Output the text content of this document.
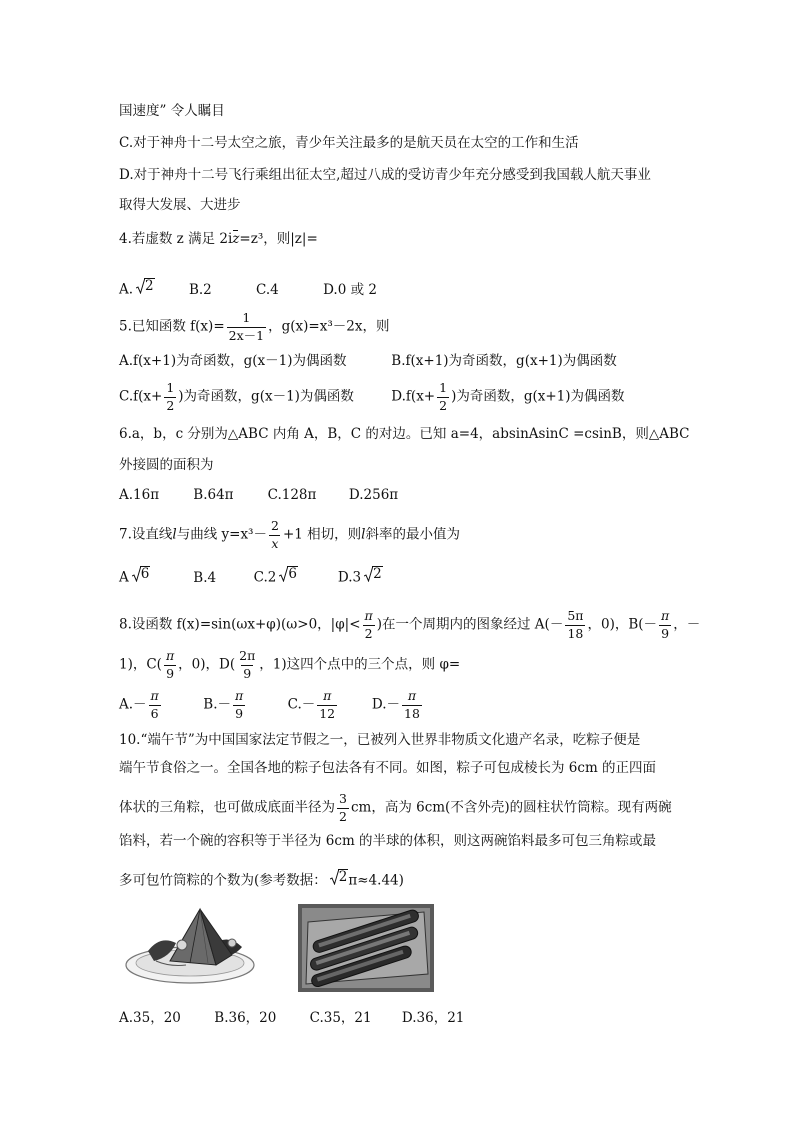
国速度” 令人瞩目
C.对于神舟十二号太空之旅，青少年关注最多的是航天员在太空的工作和生活
D.对于神舟十二号飞行乘组出征太空,超过八成的受访青少年充分感受到我国载人航天事业
取得大发展、大进步
4.若虚数 z 满足 2iz=z³，则|z|=
A. 2	B.2	C.4	D.0 或 2
5.已知函数 $f(x)= \frac{1}{2x-1}$ ，g(x)=x³－2x，则
A.f(x+1)为奇函数，g(x－1)为偶函数	B.f(x+1)为奇函数，g(x+1)为偶函数
$C.f(x+ \frac{1}{2}$ )为奇函数，g(x－1)为偶函数	$D.f(x+ \frac{1}{2}$ )为奇函数，g(x+1)为偶函数
6.a，b，c 分别为△ABC 内角 A，B，C 的对边。已知 a=4，absinAsinC =csinB，则△ABC
外接圆的面积为
A.16π	B.64π	C.128π D.256π
7.设直线l与曲线 $y=x^3- \frac{2}{x} +1$ 相切，则l斜率的最小值为
A 6	B.4	C.2 6	D.3 2
8.设函数 f(x)=sin(ωx+φ)(ω>0，$|\varphi|< \frac{\pi}{2}$ )在一个周期内的图象经过 $A(- \frac{5\pi}{18}$ ，0)，$B(- \frac{\pi}{9}$ ，－
1)，$C( \frac{\pi}{9}$ ，0)，$D( \frac{2\pi}{9}$ ，1)这四个点中的三个点，则 φ=
$A.- \frac{\pi}{6}$	$B.- \frac{\pi}{9}$	$C.- \frac{\pi}{12}$	$D.- \frac{\pi}{18}$
10.“端午节”为中国国家法定节假之一，已被列入世界非物质文化遗产名录，吃粽子便是
端午节食俗之一。全国各地的粽子包法各有不同。如图，粽子可包成棱长为 6cm 的正四面
体状的三角粽，也可做成底面半径为 $\frac{3}{2}$ cm，高为 6cm(不含外壳)的圆柱状竹筒粽。现有两碗
馅料，若一个碗的容积等于半径为 6cm 的半球的体积，则这两碗馅料最多可包三角粽或最
多可包竹筒粽的个数为(参考数据： 2 π≈4.44)
A.35，20 B.36，20 C.35，21 D.36，21
